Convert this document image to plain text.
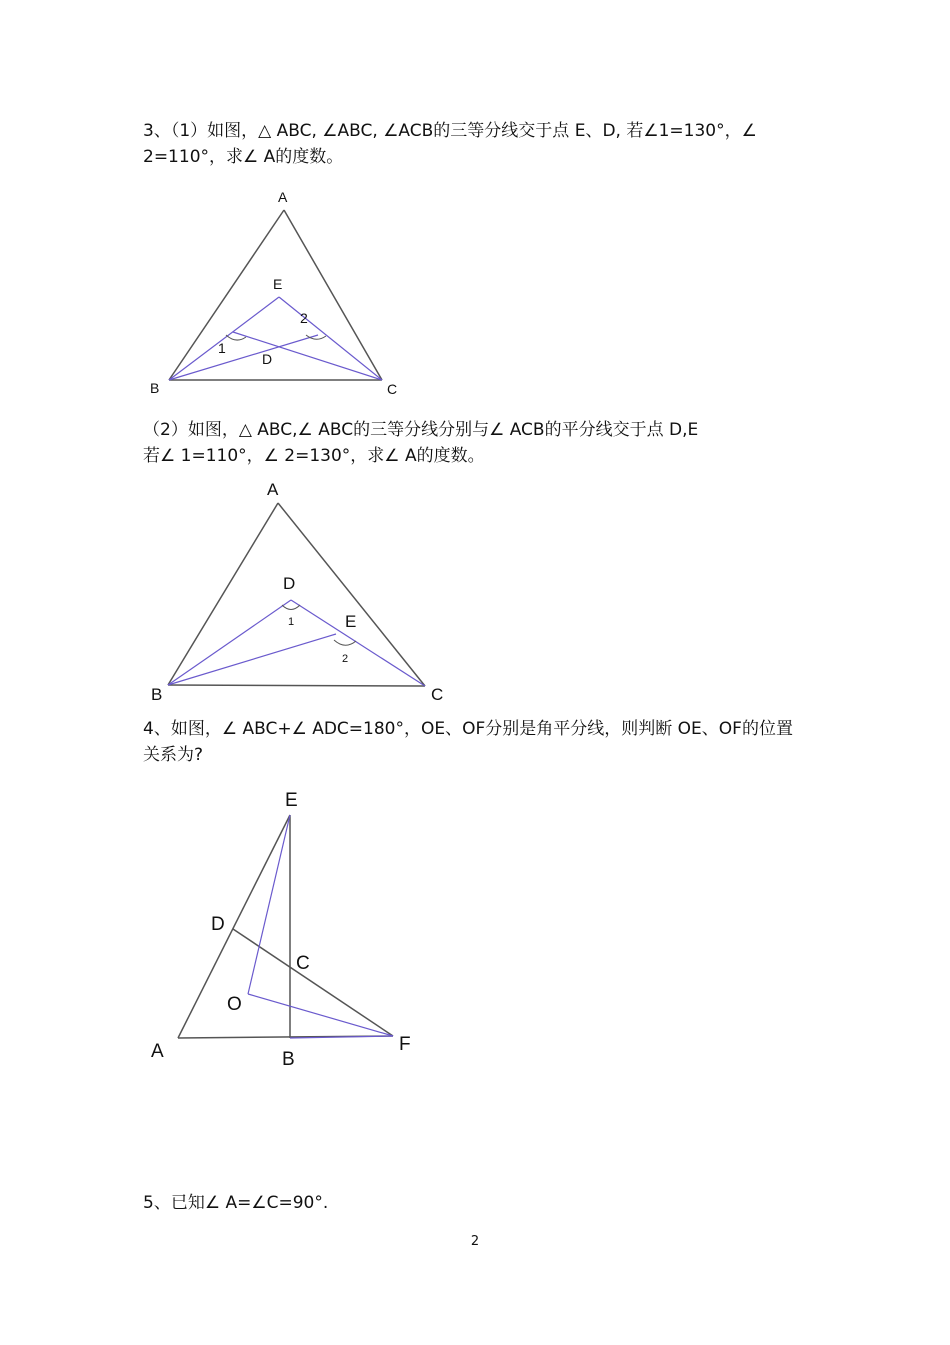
3、（1）如图，△ ABC, ∠ABC, ∠ACB的三等分线交于点 E、D, 若∠1=130°，∠

2=110°，求∠ A的度数。

A
E
2
1
D
B	C

（2）如图，△ ABC,∠ ABC的三等分线分别与∠ ACB的平分线交于点 D,E

若∠ 1=110°，∠ 2=130°，求∠ A的度数。

A
D
1	E
2
B	C

4、如图，∠ ABC+∠ ADC=180°，OE、OF分别是角平分线，则判断 OE、OF的位置

关系为?

E
D
C
O
A	B
F

5、已知∠ A=∠C=90°.

2
